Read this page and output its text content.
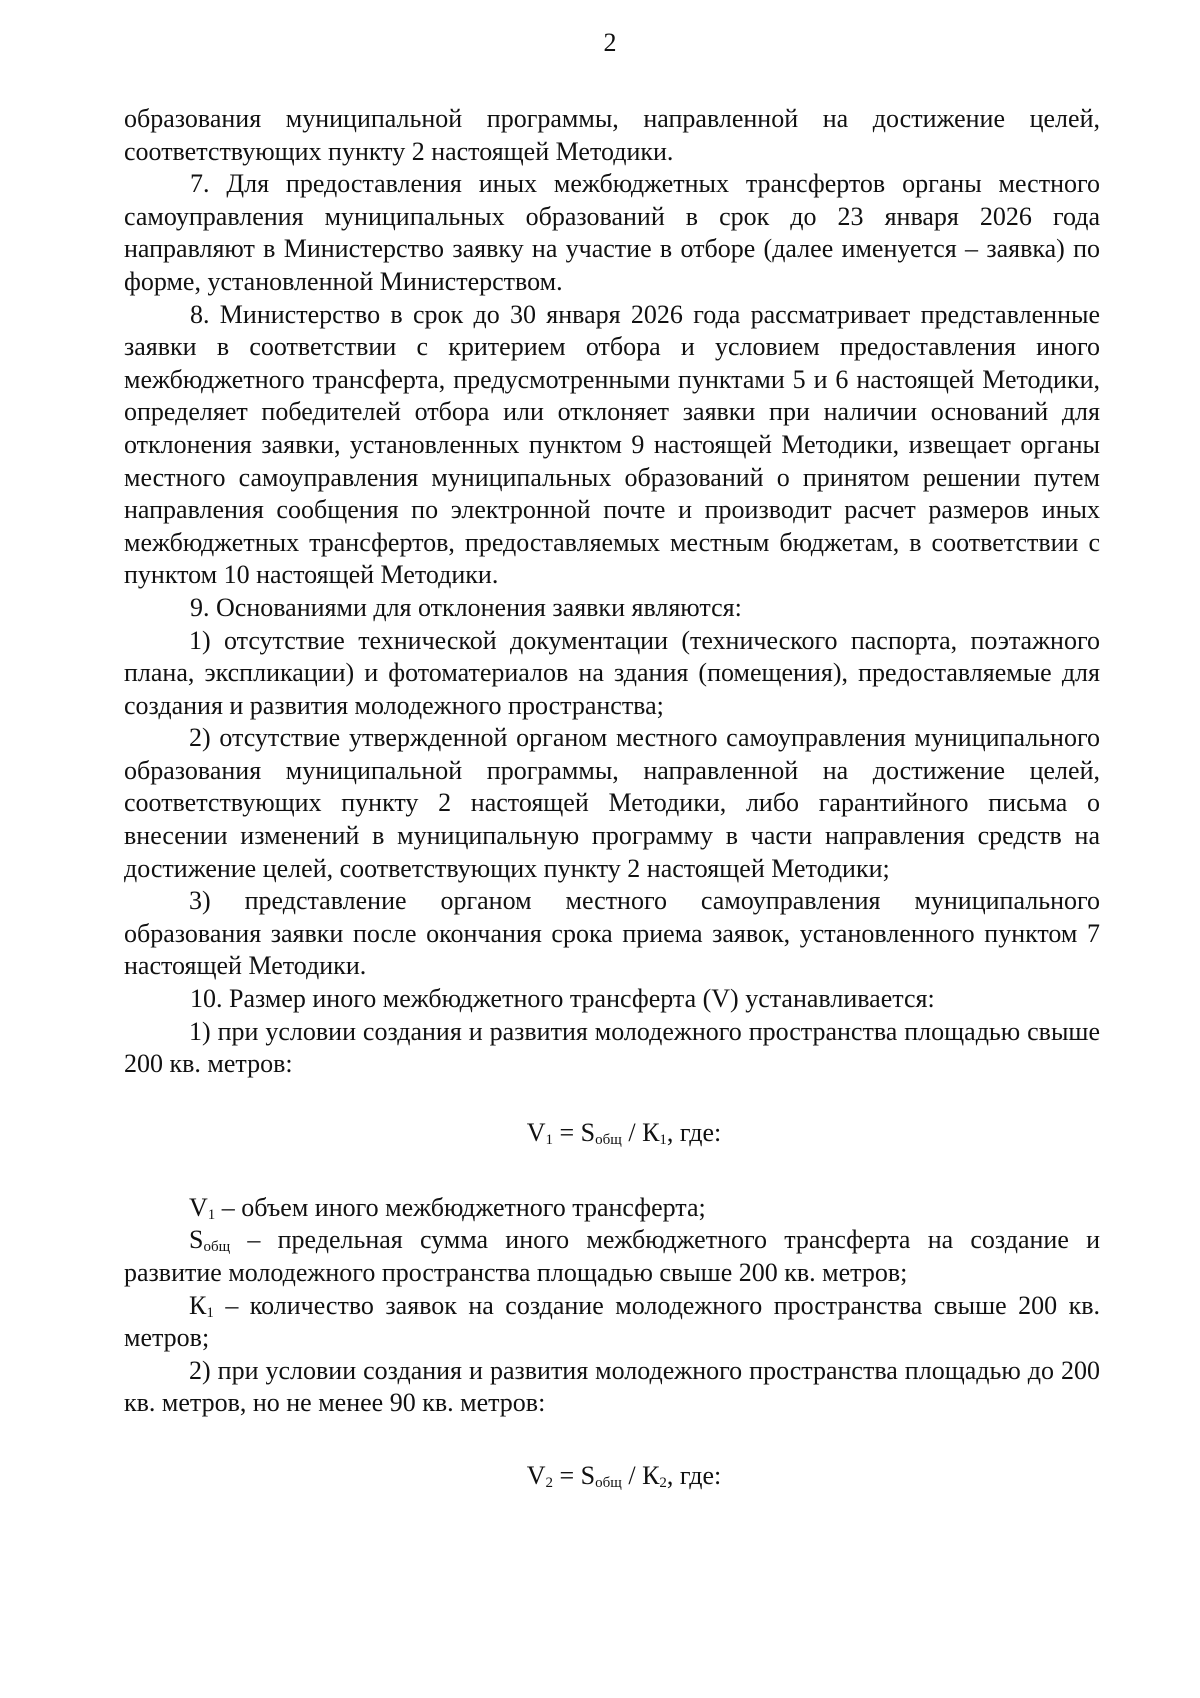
2

образования муниципальной программы, направленной на достижение целей, соответствующих пункту 2 настоящей Методики.

7. Для предоставления иных межбюджетных трансфертов органы местного самоуправления муниципальных образований в срок до 23 января 2026 года направляют в Министерство заявку на участие в отборе (далее именуется – заявка) по форме, установленной Министерством.

8. Министерство в срок до 30 января 2026 года рассматривает представленные заявки в соответствии с критерием отбора и условием предоставления иного межбюджетного трансферта, предусмотренными пунктами 5 и 6 настоящей Методики, определяет победителей отбора или отклоняет заявки при наличии оснований для отклонения заявки, установленных пунктом 9 настоящей Методики, извещает органы местного самоуправления муниципальных образований о принятом решении путем направления сообщения по электронной почте и производит расчет размеров иных межбюджетных трансфертов, предоставляемых местным бюджетам, в соответствии с пунктом 10 настоящей Методики.

9. Основаниями для отклонения заявки являются:

1) отсутствие технической документации (технического паспорта, поэтажного плана, экспликации) и фотоматериалов на здания (помещения), предоставляемые для создания и развития молодежного пространства;

2) отсутствие утвержденной органом местного самоуправления муниципального образования муниципальной программы, направленной на достижение целей, соответствующих пункту 2 настоящей Методики, либо гарантийного письма о внесении изменений в муниципальную программу в части направления средств на достижение целей, соответствующих пункту 2 настоящей Методики;

3) представление органом местного самоуправления муниципального образования заявки после окончания срока приема заявок, установленного пунктом 7 настоящей Методики.

10. Размер иного межбюджетного трансферта (V) устанавливается:

1) при условии создания и развития молодежного пространства площадью свыше 200 кв. метров:

$V_1 = S_{общ} / К_1$, где:

$V_1$ – объем иного межбюджетного трансферта;

$S_{общ}$ – предельная сумма иного межбюджетного трансферта на создание и развитие молодежного пространства площадью свыше 200 кв. метров;

$К_1$ – количество заявок на создание молодежного пространства свыше 200 кв. метров;

2) при условии создания и развития молодежного пространства площадью до 200 кв. метров, но не менее 90 кв. метров:

$V_2 = S_{общ} / К_2$, где:
